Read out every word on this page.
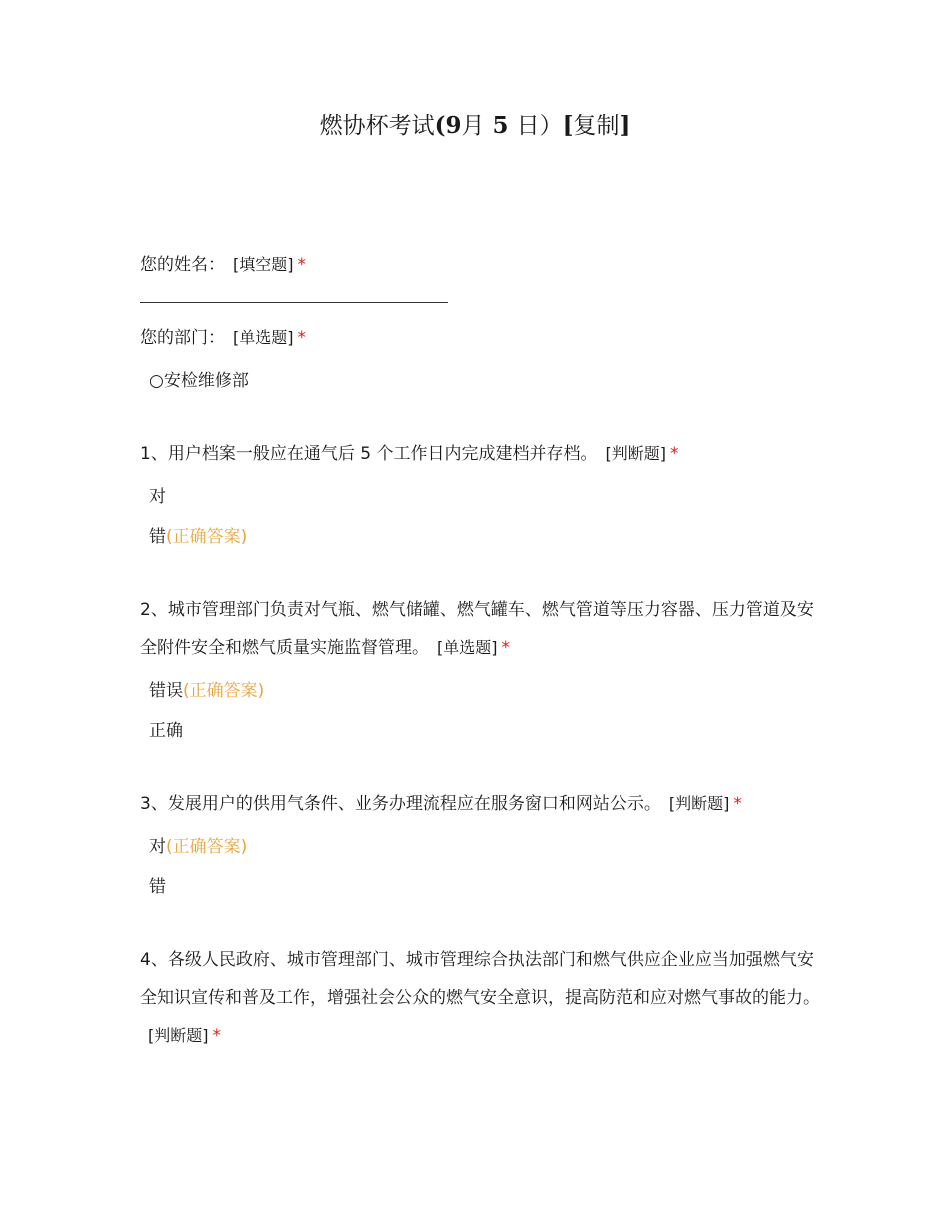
燃协杯考试(9月 5 日）[复制]

您的姓名： [填空题] *

您的部门： [单选题] *

○安检维修部

1、用户档案一般应在通气后 5 个工作日内完成建档并存档。 [判断题] *

对

错(正确答案)

2、城市管理部门负责对气瓶、燃气储罐、燃气罐车、燃气管道等压力容器、压力管道及安全附件安全和燃气质量实施监督管理。 [单选题] *

错误(正确答案)

正确

3、发展用户的供用气条件、业务办理流程应在服务窗口和网站公示。 [判断题] *

对(正确答案)

错

4、各级人民政府、城市管理部门、城市管理综合执法部门和燃气供应企业应当加强燃气安全知识宣传和普及工作，增强社会公众的燃气安全意识，提高防范和应对燃气事故的能力。[判断题] *
